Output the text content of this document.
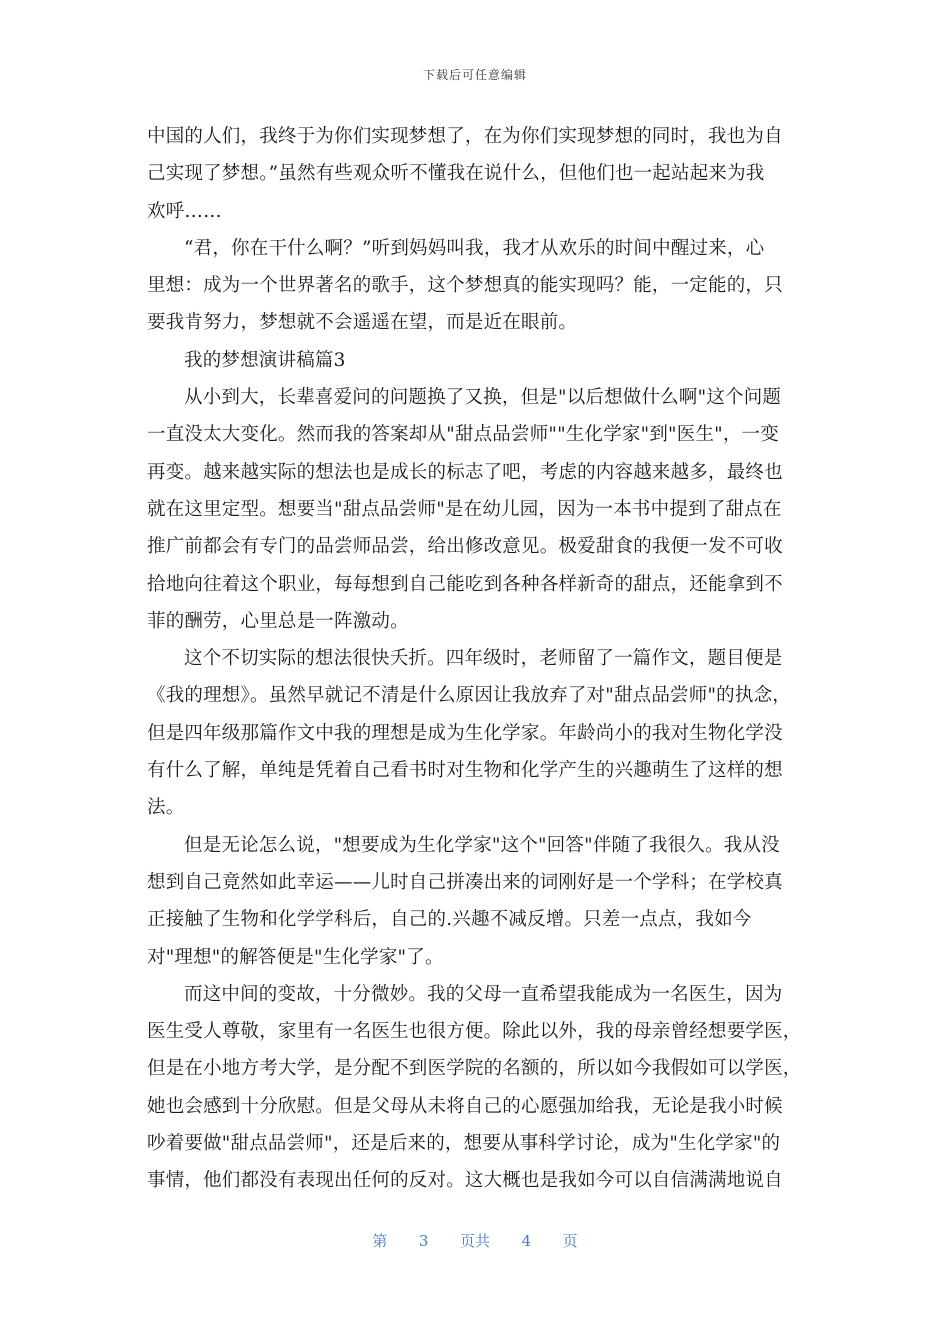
下载后可任意编辑
中国的人们，我终于为你们实现梦想了，在为你们实现梦想的同时，我也为自
己实现了梦想。”虽然有些观众听不懂我在说什么，但他们也一起站起来为我
欢呼……
“君，你在干什么啊？”听到妈妈叫我，我才从欢乐的时间中醒过来，心
里想：成为一个世界著名的歌手，这个梦想真的能实现吗？能，一定能的，只
要我肯努力，梦想就不会遥遥在望，而是近在眼前。
我的梦想演讲稿篇3
从小到大，长辈喜爱问的问题换了又换，但是"以后想做什么啊"这个问题
一直没太大变化。然而我的答案却从"甜点品尝师""生化学家"到"医生"，一变
再变。越来越实际的想法也是成长的标志了吧，考虑的内容越来越多，最终也
就在这里定型。想要当"甜点品尝师"是在幼儿园，因为一本书中提到了甜点在
推广前都会有专门的品尝师品尝，给出修改意见。极爱甜食的我便一发不可收
拾地向往着这个职业，每每想到自己能吃到各种各样新奇的甜点，还能拿到不
菲的酬劳，心里总是一阵激动。
这个不切实际的想法很快夭折。四年级时，老师留了一篇作文，题目便是
《我的理想》。虽然早就记不清是什么原因让我放弃了对"甜点品尝师"的执念，
但是四年级那篇作文中我的理想是成为生化学家。年龄尚小的我对生物化学没
有什么了解，单纯是凭着自己看书时对生物和化学产生的兴趣萌生了这样的想
法。
但是无论怎么说，"想要成为生化学家"这个"回答"伴随了我很久。我从没
想到自己竟然如此幸运——儿时自己拼凑出来的词刚好是一个学科；在学校真
正接触了生物和化学学科后，自己的.兴趣不减反增。只差一点点，我如今
对"理想"的解答便是"生化学家"了。
而这中间的变故，十分微妙。我的父母一直希望我能成为一名医生，因为
医生受人尊敬，家里有一名医生也很方便。除此以外，我的母亲曾经想要学医，
但是在小地方考大学，是分配不到医学院的名额的，所以如今我假如可以学医，
她也会感到十分欣慰。但是父母从未将自己的心愿强加给我，无论是我小时候
吵着要做"甜点品尝师"，还是后来的，想要从事科学讨论，成为"生化学家"的
事情，他们都没有表现出任何的反对。这大概也是我如今可以自信满满地说自
第 3 页共 4 页
